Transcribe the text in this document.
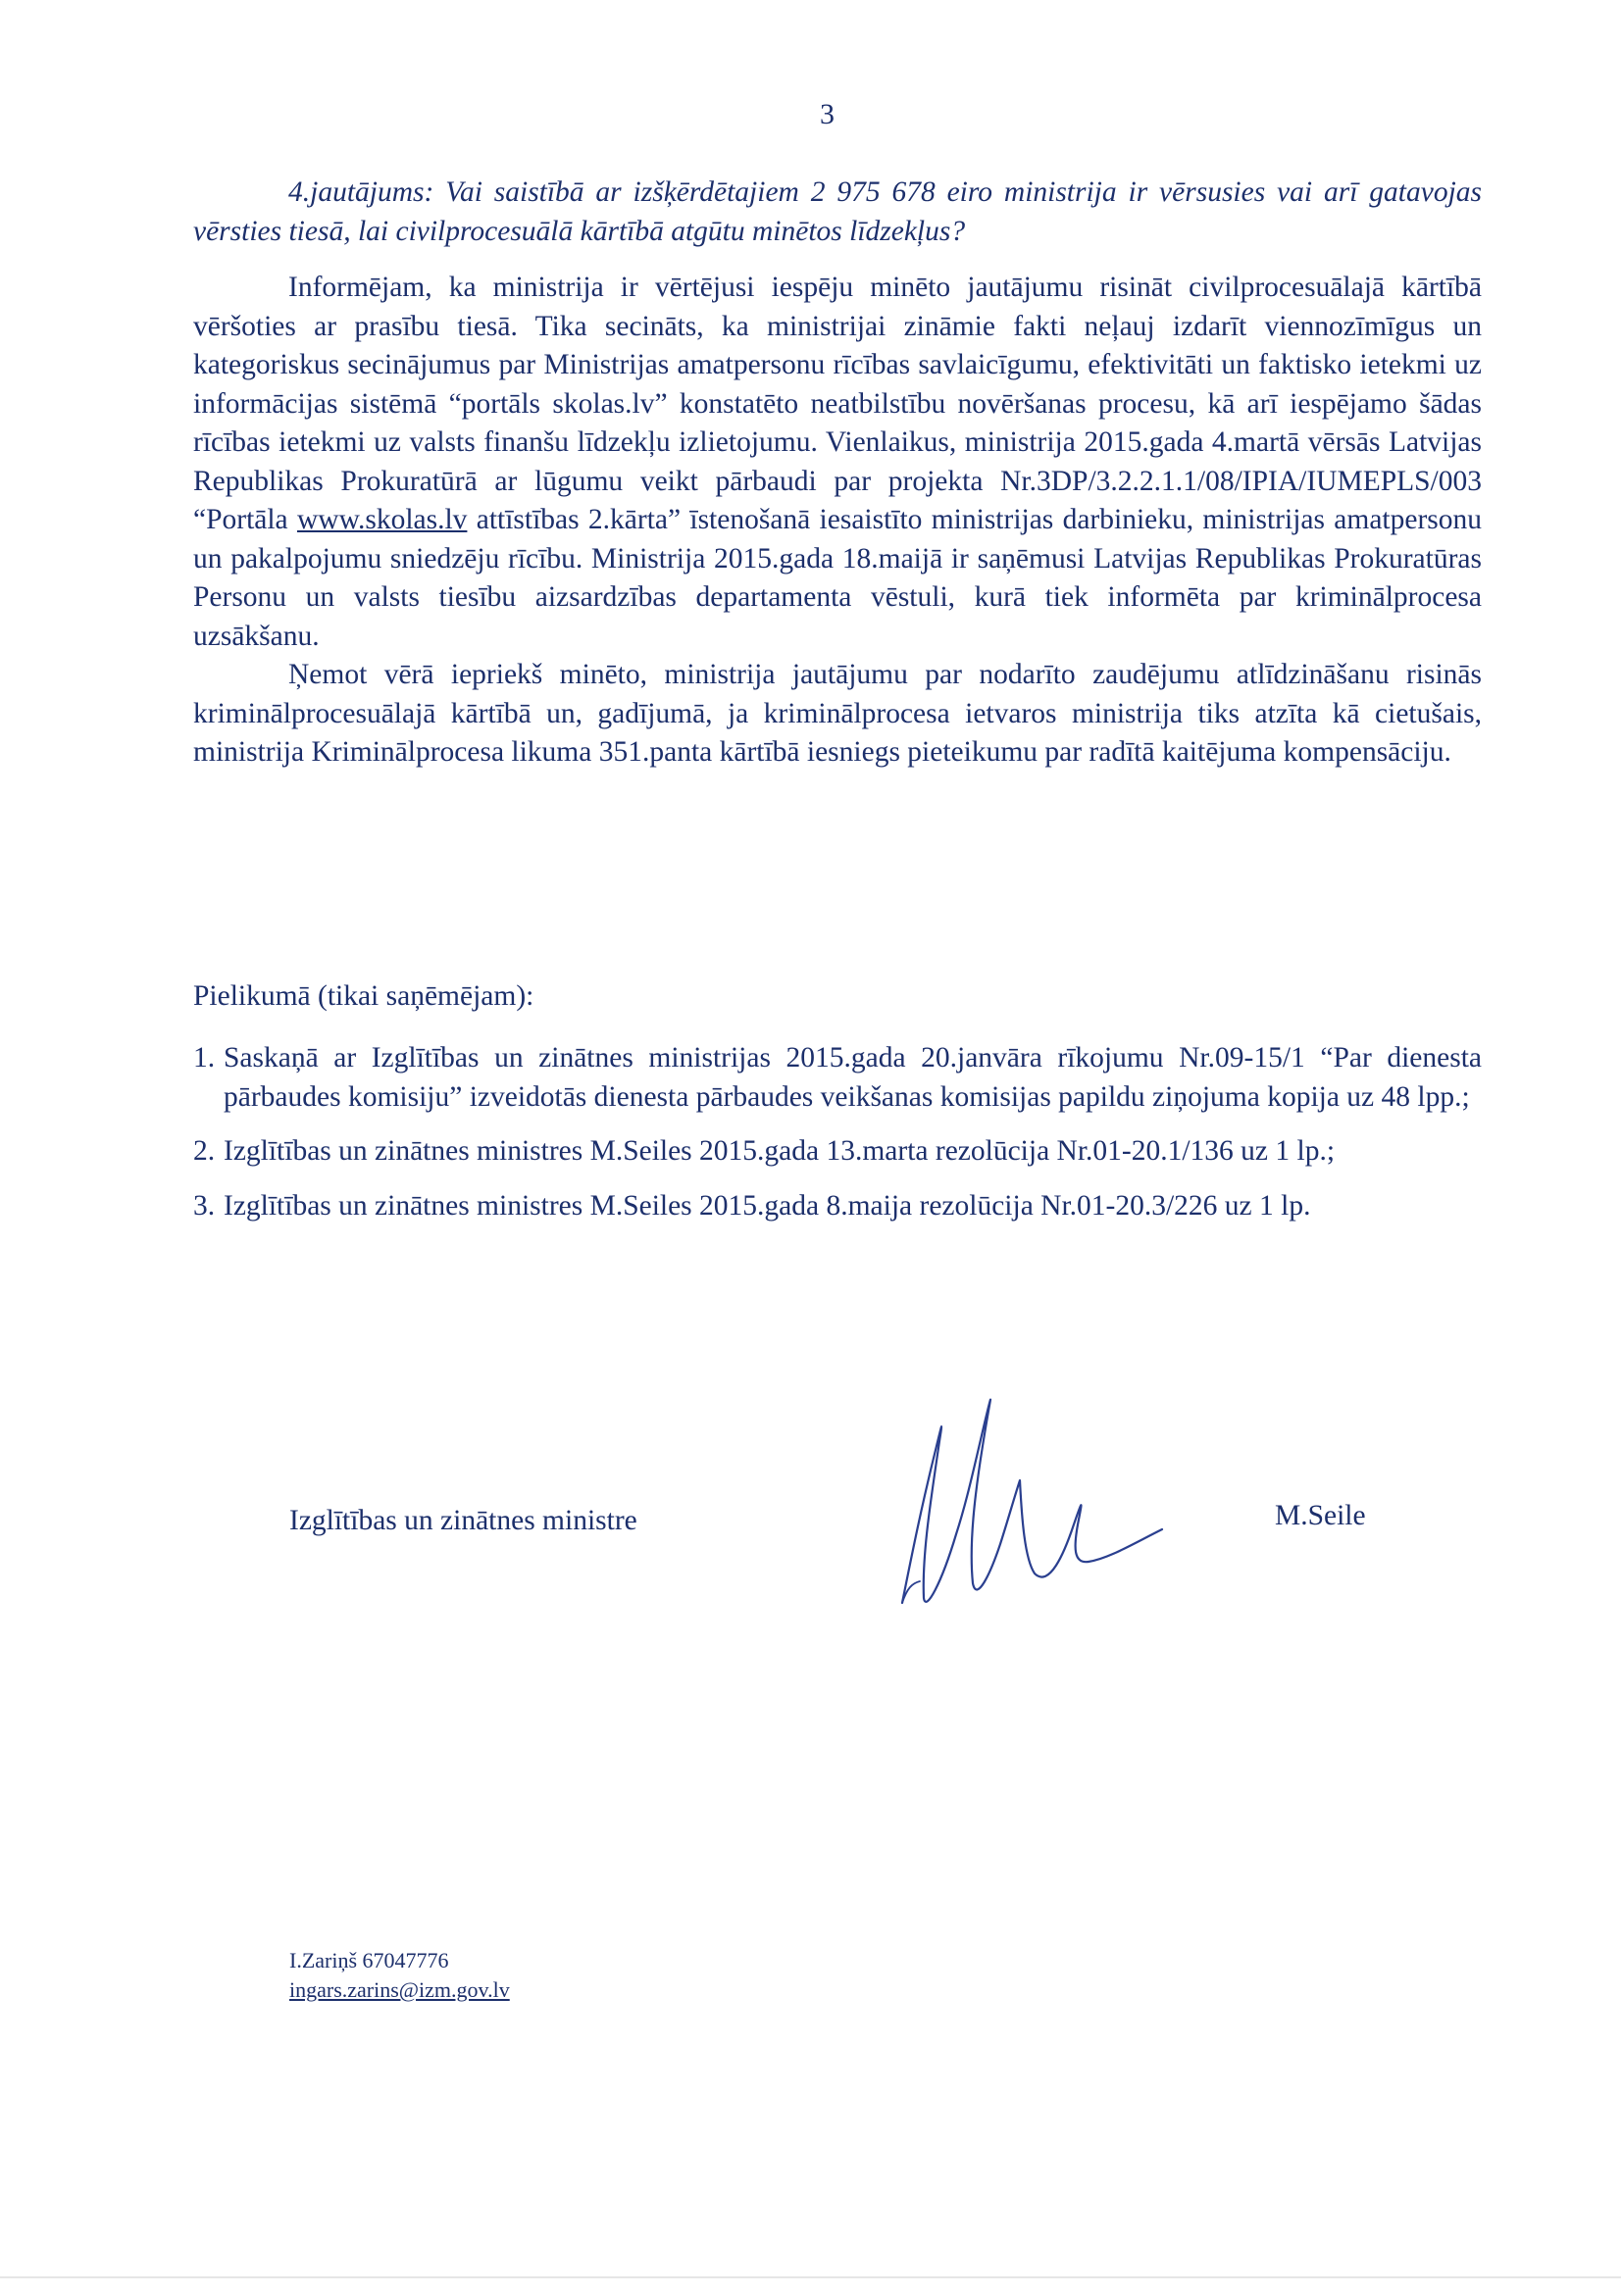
3

4.jautājums: Vai saistībā ar izšķērdētajiem 2 975 678 eiro ministrija ir vērsusies vai arī gatavojas vērsties tiesā, lai civilprocesuālā kārtībā atgūtu minētos līdzekļus?

Informējam, ka ministrija ir vērtējusi iespēju minēto jautājumu risināt civilprocesuālajā kārtībā vēršoties ar prasību tiesā. Tika secināts, ka ministrijai zināmie fakti neļauj izdarīt viennozīmīgus un kategoriskus secinājumus par Ministrijas amatpersonu rīcības savlaicīgumu, efektivitāti un faktisko ietekmi uz informācijas sistēmā “portāls skolas.lv” konstatēto neatbilstību novēršanas procesu, kā arī iespējamo šādas rīcības ietekmi uz valsts finanšu līdzekļu izlietojumu. Vienlaikus, ministrija 2015.gada 4.martā vērsās Latvijas Republikas Prokuratūrā ar lūgumu veikt pārbaudi par projekta Nr.3DP/3.2.2.1.1/08/IPIA/IUMEPLS/003 “Portāla www.skolas.lv attīstības 2.kārta” īstenošanā iesaistīto ministrijas darbinieku, ministrijas amatpersonu un pakalpojumu sniedzēju rīcību. Ministrija 2015.gada 18.maijā ir saņēmusi Latvijas Republikas Prokuratūras Personu un valsts tiesību aizsardzības departamenta vēstuli, kurā tiek informēta par kriminālprocesa uzsākšanu.

Ņemot vērā iepriekš minēto, ministrija jautājumu par nodarīto zaudējumu atlīdzināšanu risinās kriminālprocesuālajā kārtībā un, gadījumā, ja kriminālprocesa ietvaros ministrija tiks atzīta kā cietušais, ministrija Kriminālprocesa likuma 351.panta kārtībā iesniegs pieteikumu par radītā kaitējuma kompensāciju.

Pielikumā (tikai saņēmējam):

1. Saskaņā ar Izglītības un zinātnes ministrijas 2015.gada 20.janvāra rīkojumu Nr.09-15/1 “Par dienesta pārbaudes komisiju” izveidotās dienesta pārbaudes veikšanas komisijas papildu ziņojuma kopija uz 48 lpp.;
2. Izglītības un zinātnes ministres M.Seiles 2015.gada 13.marta rezolūcija Nr.01-20.1/136 uz 1 lp.;
3. Izglītības un zinātnes ministres M.Seiles 2015.gada 8.maija rezolūcija Nr.01-20.3/226 uz 1 lp.
Izglītības un zinātnes ministre	M.Seile
I.Zariņš 67047776
ingars.zarins@izm.gov.lv
